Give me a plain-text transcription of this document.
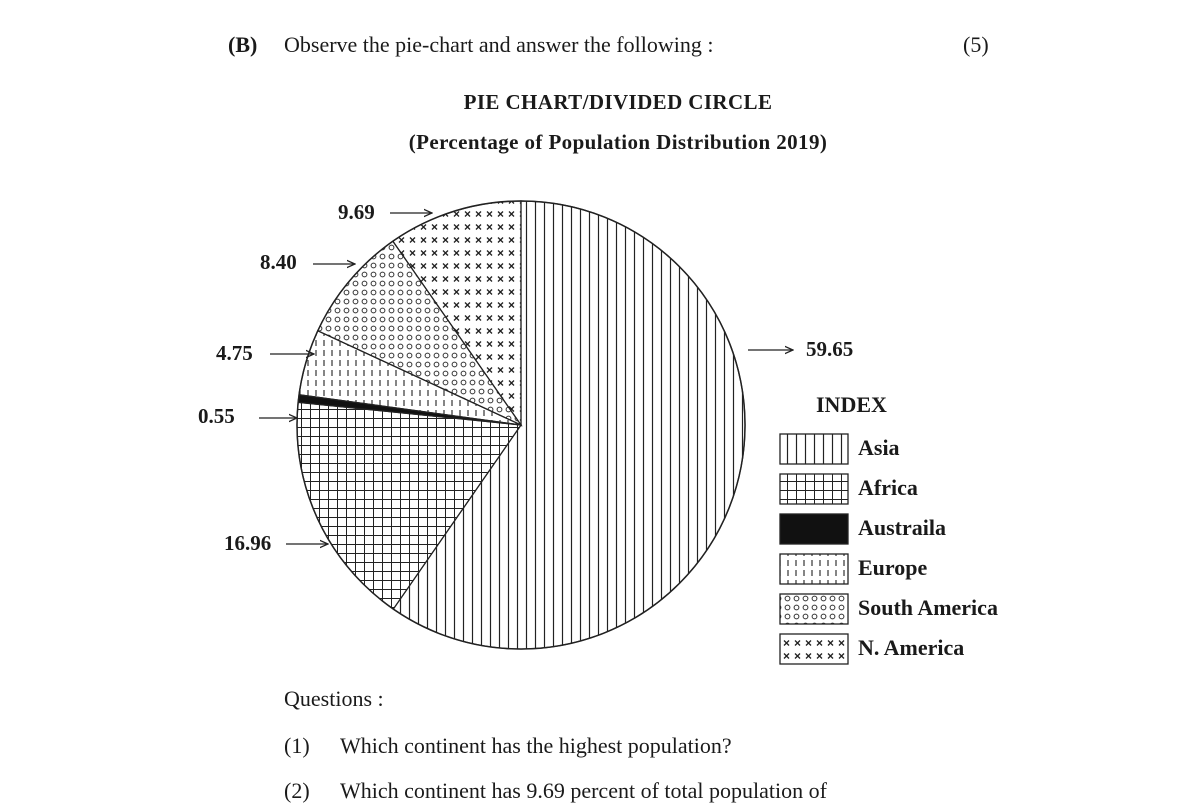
(B) Observe the pie-chart and answer the following :	(5)
PIE CHART/DIVIDED CIRCLE
(Percentage of Population Distribution 2019)
INDEX
Asia
Africa
Austraila
Europe
South America
N. America
59.65
16.96
0.55
4.75
8.40
9.69
Questions :
(1) Which continent has the highest population?
(2) Which continent has 9.69 percent of total population of
